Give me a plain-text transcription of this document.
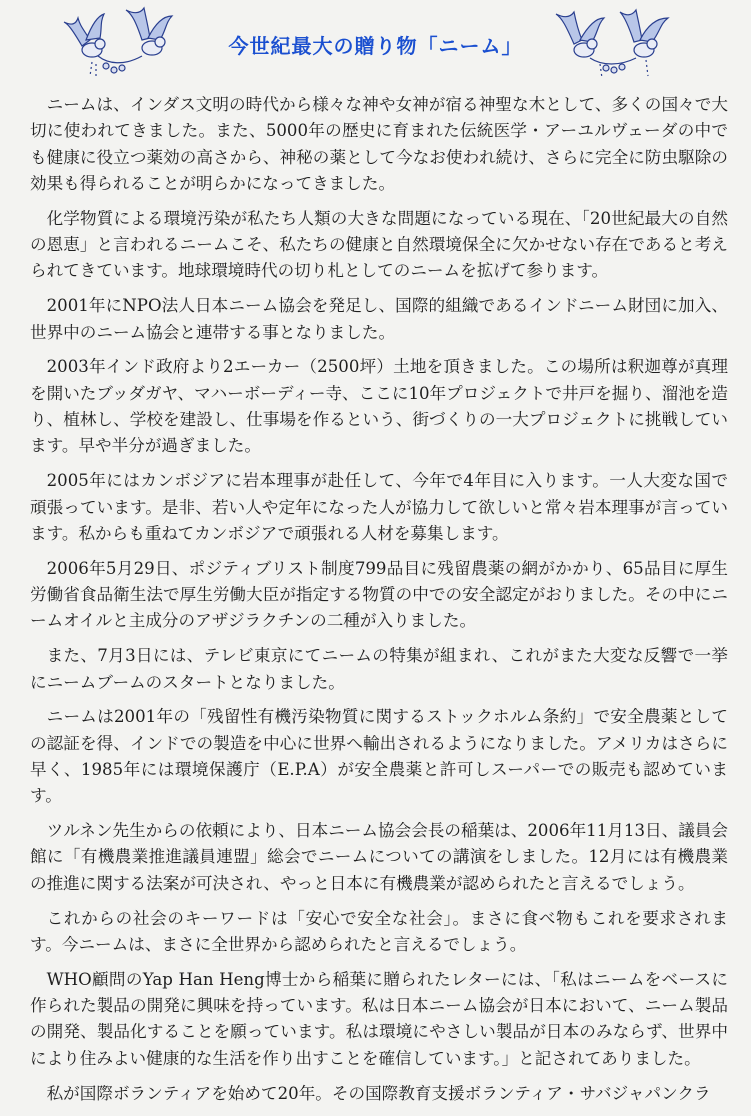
今世紀最大の贈り物「ニーム」

ニームは、インダス文明の時代から様々な神や女神が宿る神聖な木として、多くの国々で大切に使われてきました。また、5000年の歴史に育まれた伝統医学・アーユルヴェーダの中でも健康に役立つ薬効の高さから、神秘の薬として今なお使われ続け、さらに完全に防虫駆除の効果も得られることが明らかになってきました。

化学物質による環境汚染が私たち人類の大きな問題になっている現在、「20世紀最大の自然の恩恵」と言われるニームこそ、私たちの健康と自然環境保全に欠かせない存在であると考えられてきています。地球環境時代の切り札としてのニームを拡げて参ります。

2001年にNPO法人日本ニーム協会を発足し、国際的組織であるインドニーム財団に加入、世界中のニーム協会と連帯する事となりました。

2003年インド政府より2エーカー（2500坪）土地を頂きました。この場所は釈迦尊が真理を開いたブッダガヤ、マハーボーディー寺、ここに10年プロジェクトで井戸を掘り、溜池を造り、植林し、学校を建設し、仕事場を作るという、街づくりの一大プロジェクトに挑戦しています。早や半分が過ぎました。

2005年にはカンボジアに岩本理事が赴任して、今年で4年目に入ります。一人大変な国で頑張っています。是非、若い人や定年になった人が協力して欲しいと常々岩本理事が言っています。私からも重ねてカンボジアで頑張れる人材を募集します。

2006年5月29日、ポジティブリスト制度799品目に残留農薬の網がかかり、65品目に厚生労働省食品衛生法で厚生労働大臣が指定する物質の中での安全認定がおりました。その中にニームオイルと主成分のアザジラクチンの二種が入りました。

また、7月3日には、テレビ東京にてニームの特集が組まれ、これがまた大変な反響で一挙にニームブームのスタートとなりました。

ニームは2001年の「残留性有機汚染物質に関するストックホルム条約」で安全農薬としての認証を得、インドでの製造を中心に世界へ輸出されるようになりました。アメリカはさらに早く、1985年には環境保護庁（E.P.A）が安全農薬と許可しスーパーでの販売も認めています。

ツルネン先生からの依頼により、日本ニーム協会会長の稲葉は、2006年11月13日、議員会館に「有機農業推進議員連盟」総会でニームについての講演をしました。12月には有機農業の推進に関する法案が可決され、やっと日本に有機農業が認められたと言えるでしょう。

これからの社会のキーワードは「安心で安全な社会」。まさに食べ物もこれを要求されます。今ニームは、まさに全世界から認められたと言えるでしょう。

WHO顧問のYap Han Heng博士から稲葉に贈られたレターには、「私はニームをベースに作られた製品の開発に興味を持っています。私は日本ニーム協会が日本において、ニーム製品の開発、製品化することを願っています。私は環境にやさしい製品が日本のみならず、世界中により住みよい健康的な生活を作り出すことを確信しています。」と記されてありました。

私が国際ボランティアを始めて20年。その国際教育支援ボランティア・サバジャパンクラ
